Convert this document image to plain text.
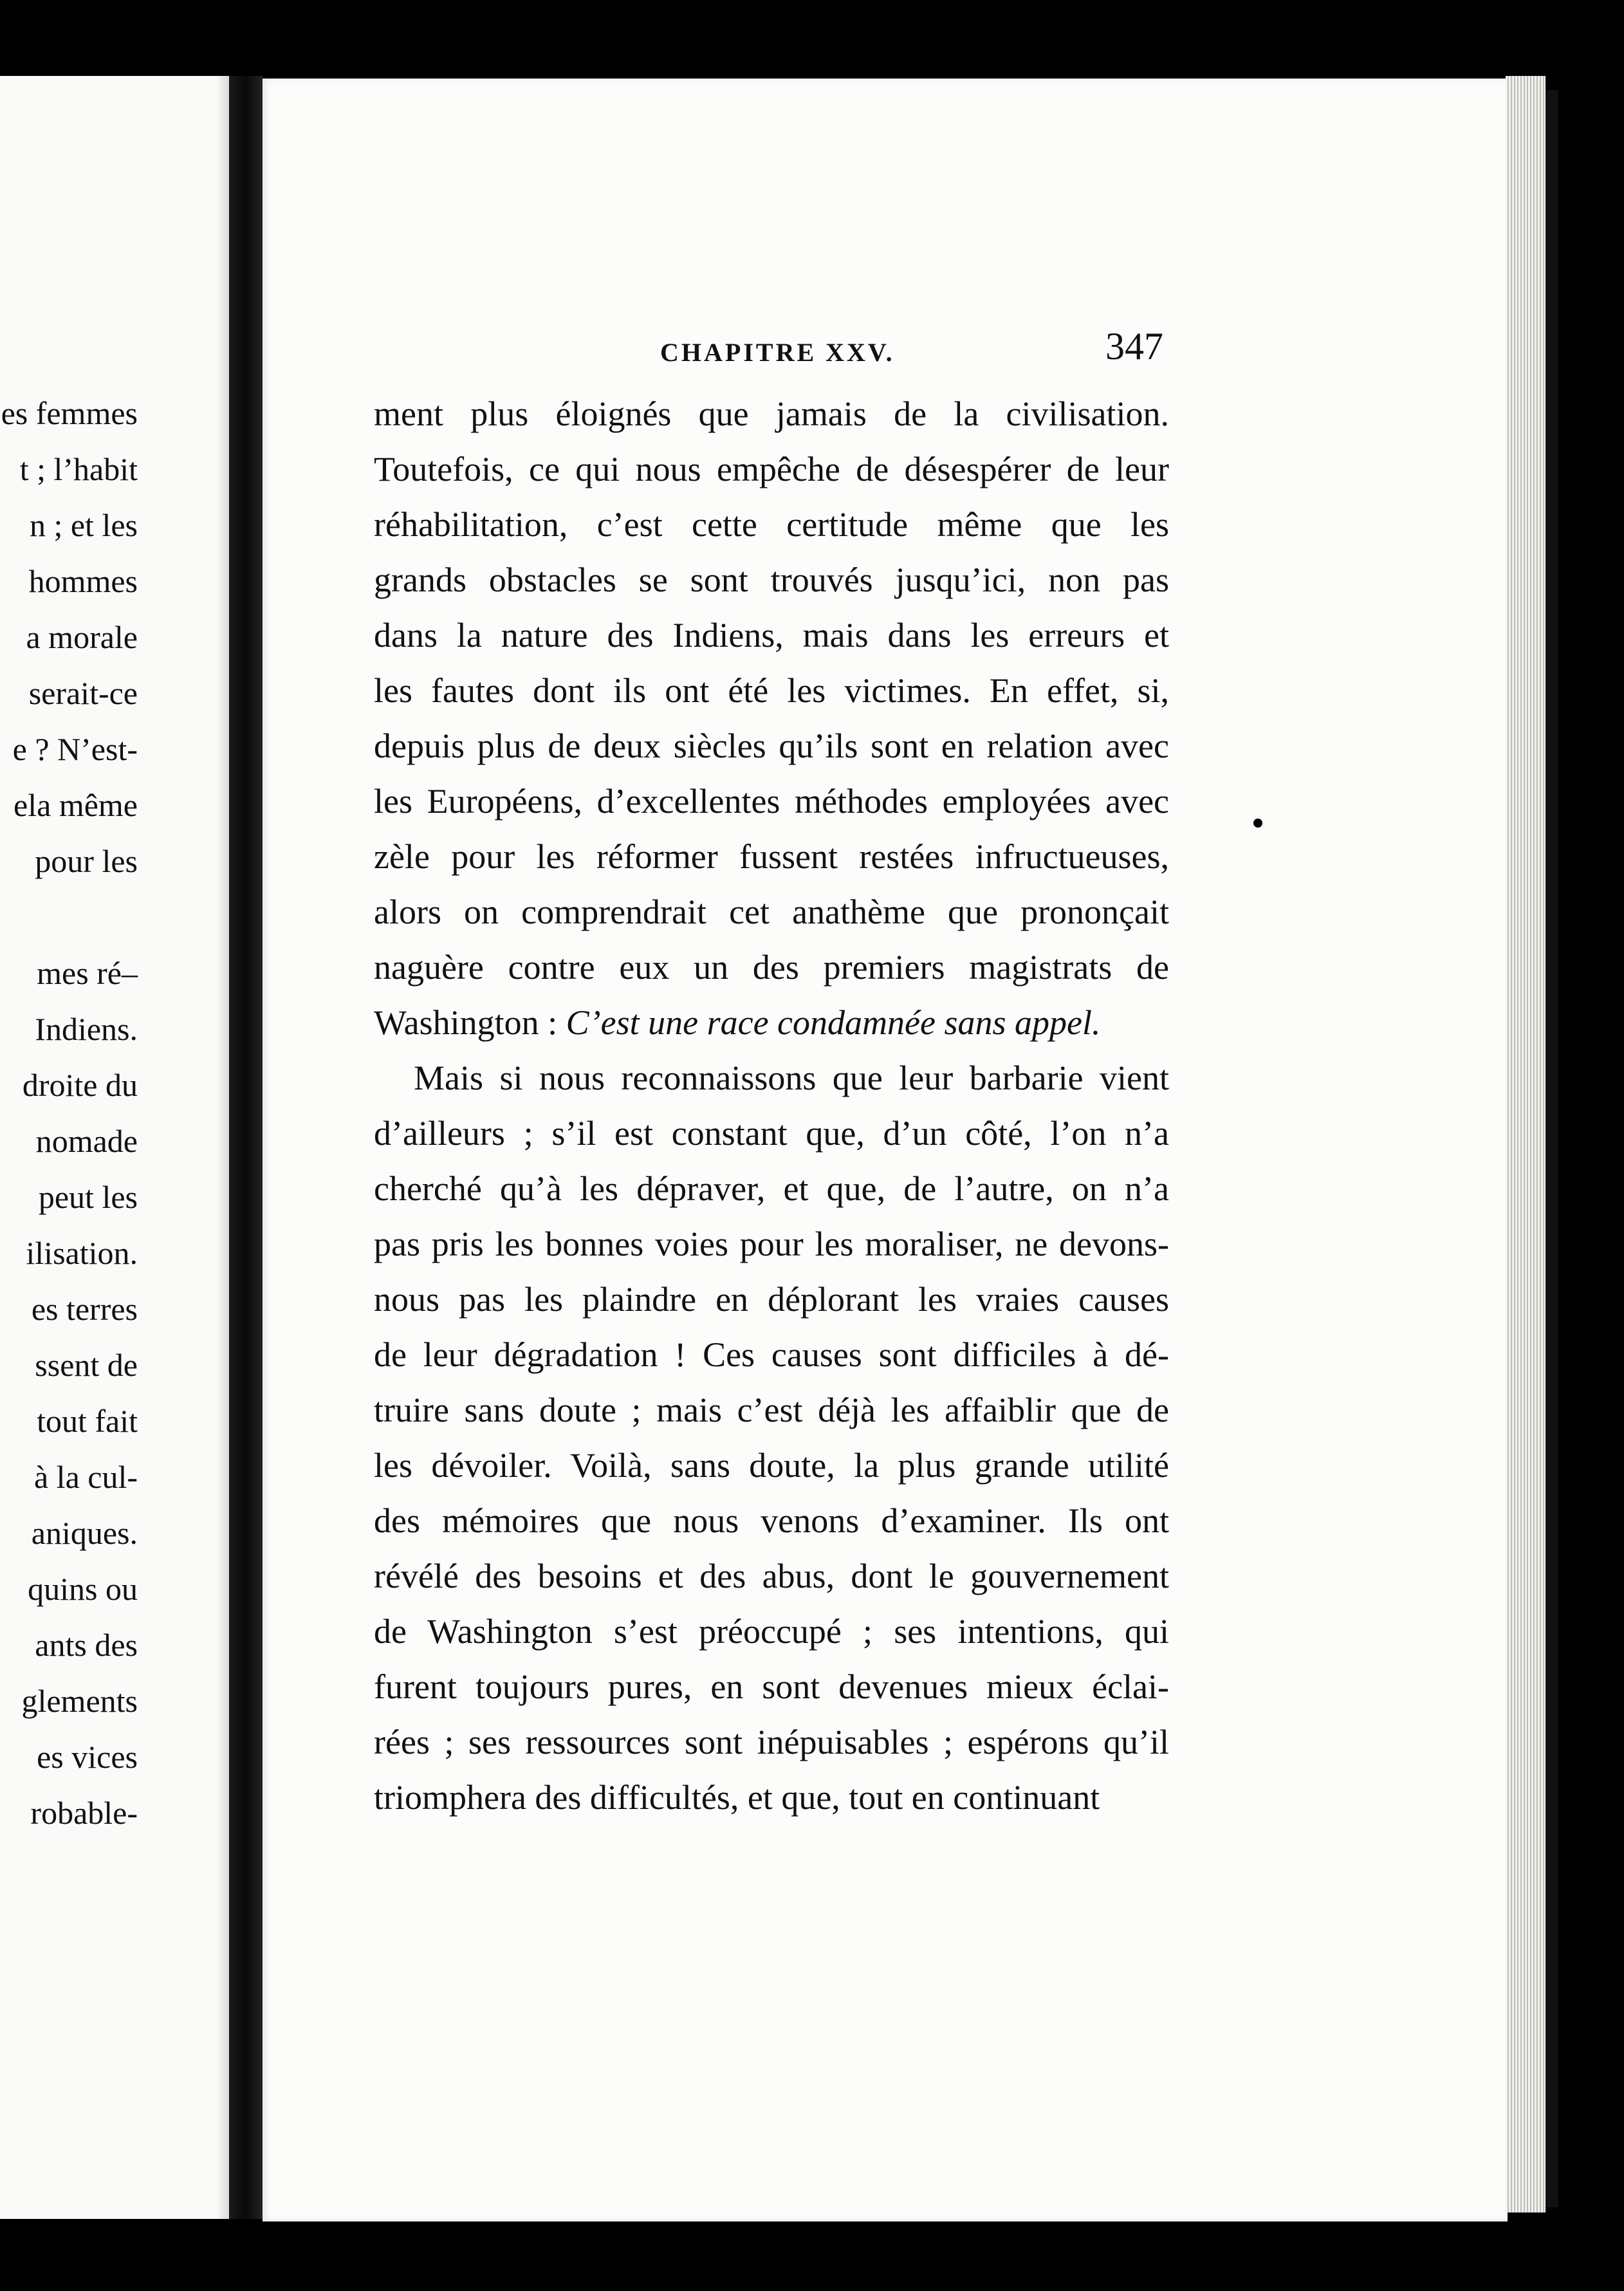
es femmes
t ; l’habit
n ; et les
hommes
a morale
serait-ce
e ? N’est-
ela même
pour les
mes ré–
Indiens.
droite du
nomade
peut les
ilisation.
es terres
ssent de
tout fait
à la cul-
aniques.
quins ou
ants des
glements
es vices
robable-
CHAPITRE XXV.	347
ment plus éloignés que jamais de la civilisation.
Toutefois, ce qui nous empêche de désespérer de leur
réhabilitation, c’est cette certitude même que les
grands obstacles se sont trouvés jusqu’ici, non pas
dans la nature des Indiens, mais dans les erreurs et
les fautes dont ils ont été les victimes. En effet, si,
depuis plus de deux siècles qu’ils sont en relation avec
les Européens, d’excellentes méthodes employées avec
zèle pour les réformer fussent restées infructueuses,
alors on comprendrait cet anathème que prononçait
naguère contre eux un des premiers magistrats de
Washington : C’est une race condamnée sans appel.
Mais si nous reconnaissons que leur barbarie vient
d’ailleurs ; s’il est constant que, d’un côté, l’on n’a
cherché qu’à les dépraver, et que, de l’autre, on n’a
pas pris les bonnes voies pour les moraliser, ne devons-
nous pas les plaindre en déplorant les vraies causes
de leur dégradation ! Ces causes sont difficiles à dé-
truire sans doute ; mais c’est déjà les affaiblir que de
les dévoiler. Voilà, sans doute, la plus grande utilité
des mémoires que nous venons d’examiner. Ils ont
révélé des besoins et des abus, dont le gouvernement
de Washington s’est préoccupé ; ses intentions, qui
furent toujours pures, en sont devenues mieux éclai-
rées ; ses ressources sont inépuisables ; espérons qu’il
triomphera des difficultés, et que, tout en continuant
